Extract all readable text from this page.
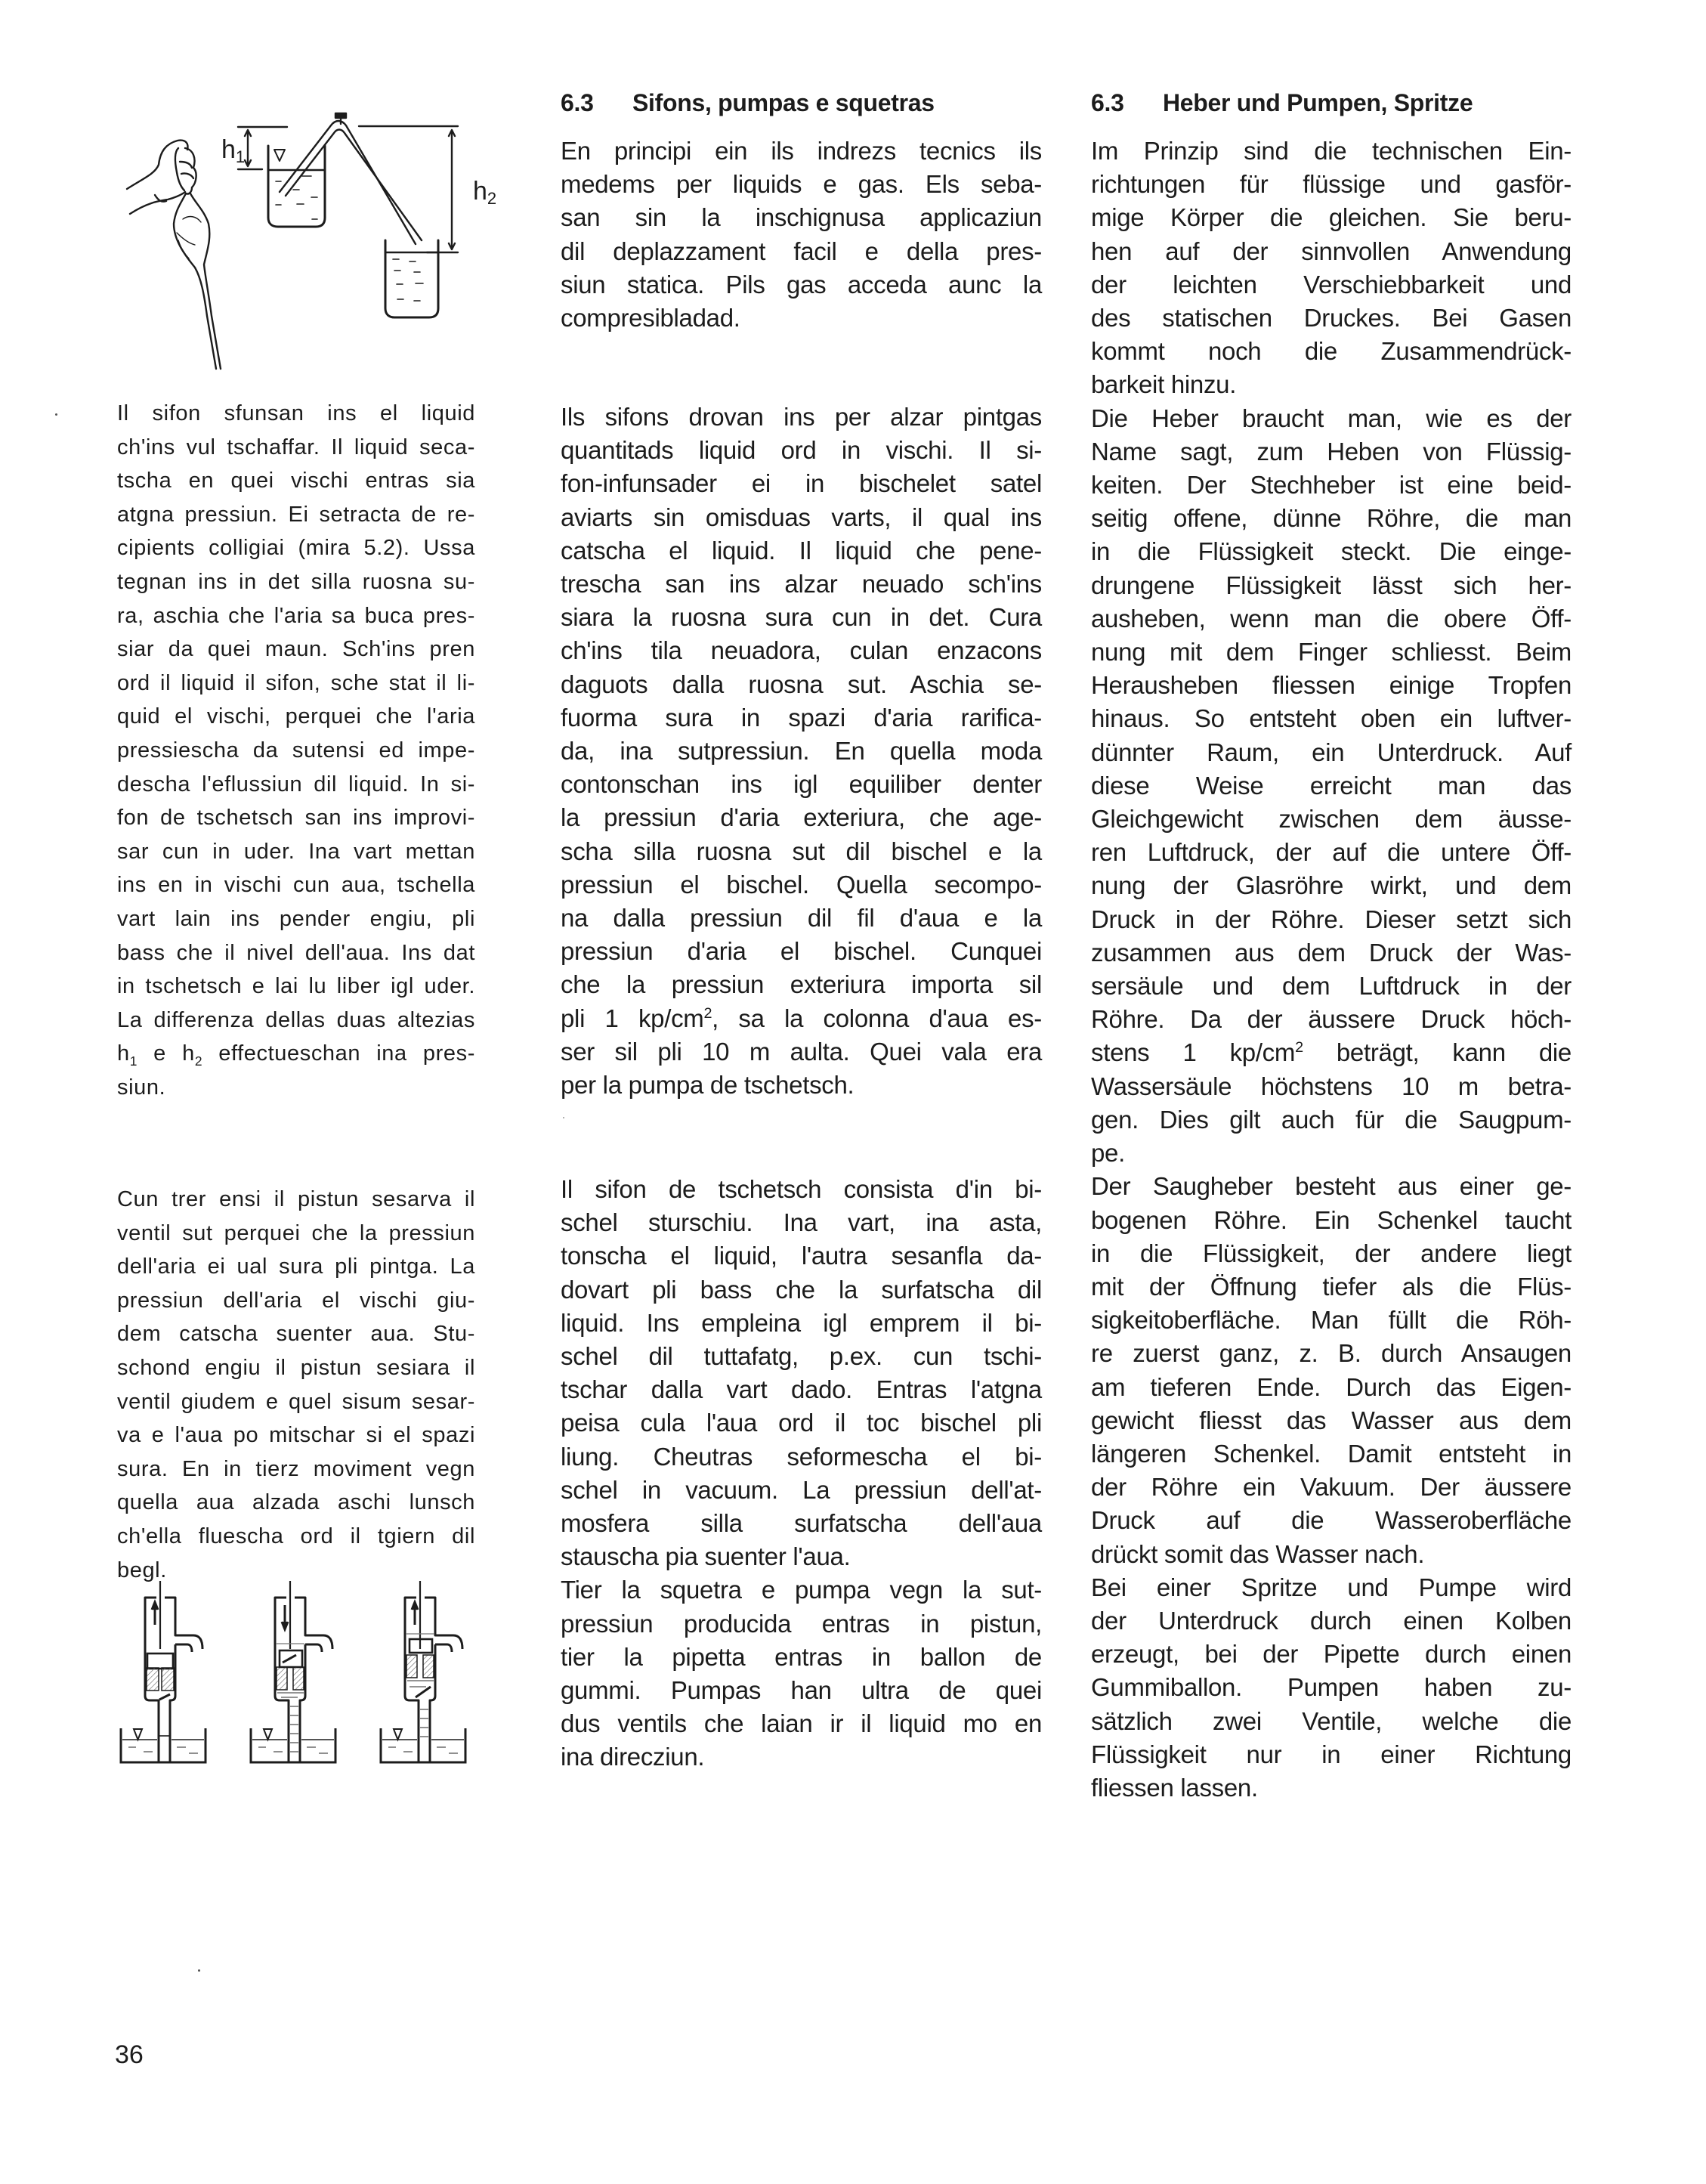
h1
h2
Il sifon sfunsan ins el liquid
ch'ins vul tschaffar. Il liquid seca-
tscha en quei vischi entras sia
atgna pressiun. Ei setracta de re-
cipients colligiai (mira 5.2). Ussa
tegnan ins in det silla ruosna su-
ra, aschia che l'aria sa buca pres-
siar da quei maun. Sch'ins pren
ord il liquid il sifon, sche stat il li-
quid el vischi, perquei che l'aria
pressiescha da sutensi ed impe-
descha l'eflussiun dil liquid. In si-
fon de tschetsch san ins improvi-
sar cun in uder. Ina vart mettan
ins en in vischi cun aua, tschella
vart lain ins pender engiu, pli
bass che il nivel dell'aua. Ins dat
in tschetsch e lai lu liber igl uder.
La differenza dellas duas altezias
$h_1$ e $h_2$ effectueschan ina pres-
siun.
Cun trer ensi il pistun sesarva il
ventil sut perquei che la pressiun
dell'aria ei ual sura pli pintga. La
pressiun dell'aria el vischi giu-
dem catscha suenter aua. Stu-
schond engiu il pistun sesiara il
ventil giudem e quel sisum sesar-
va e l'aua po mitschar si el spazi
sura. En in tierz moviment vegn
quella aua alzada aschi lunsch
ch'ella fluescha ord il tgiern dil
begl.
6.3 Sifons, pumpas e squetras
En principi ein ils indrezs tecnics ils
medems per liquids e gas. Els seba-
san sin la inschignusa applicaziun
dil deplazzament facil e della pres-
siun statica. Pils gas acceda aunc la
compresibladad.
Ils sifons drovan ins per alzar pintgas
quantitads liquid ord in vischi. Il si-
fon-infunsader ei in bischelet satel
aviarts sin omisduas varts, il qual ins
catscha el liquid. Il liquid che pene-
trescha san ins alzar neuado sch'ins
siara la ruosna sura cun in det. Cura
ch'ins tila neuadora, culan enzacons
daguots dalla ruosna sut. Aschia se-
fuorma sura in spazi d'aria rarifica-
da, ina sutpressiun. En quella moda
contonschan ins igl equiliber denter
la pressiun d'aria exteriura, che age-
scha silla ruosna sut dil bischel e la
pressiun el bischel. Quella secompo-
na dalla pressiun dil fil d'aua e la
pressiun d'aria el bischel. Cunquei
che la pressiun exteriura importa sil
pli 1 $kp/cm^2$, sa la colonna d'aua es-
ser sil pli 10 m aulta. Quei vala era
per la pumpa de tschetsch.
Il sifon de tschetsch consista d'in bi-
schel sturschiu. Ina vart, ina asta,
tonscha el liquid, l'autra sesanfla da-
dovart pli bass che la surfatscha dil
liquid. Ins empleina igl emprem il bi-
schel dil tuttafatg, p.ex. cun tschi-
tschar dalla vart dado. Entras l'atgna
peisa cula l'aua ord il toc bischel pli
liung. Cheutras seformescha el bi-
schel in vacuum. La pressiun dell'at-
mosfera silla surfatscha dell'aua
stauscha pia suenter l'aua.
Tier la squetra e pumpa vegn la sut-
pressiun producida entras in pistun,
tier la pipetta entras in ballon de
gummi. Pumpas han ultra de quei
dus ventils che laian ir il liquid mo en
ina direcziun.
6.3 Heber und Pumpen, Spritze
Im Prinzip sind die technischen Ein-
richtungen für flüssige und gasför-
mige Körper die gleichen. Sie beru-
hen auf der sinnvollen Anwendung
der leichten Verschiebbarkeit und
des statischen Druckes. Bei Gasen
kommt noch die Zusammendrück-
barkeit hinzu.
Die Heber braucht man, wie es der
Name sagt, zum Heben von Flüssig-
keiten. Der Stechheber ist eine beid-
seitig offene, dünne Röhre, die man
in die Flüssigkeit steckt. Die einge-
drungene Flüssigkeit lässt sich her-
ausheben, wenn man die obere Öff-
nung mit dem Finger schliesst. Beim
Herausheben fliessen einige Tropfen
hinaus. So entsteht oben ein luftver-
dünnter Raum, ein Unterdruck. Auf
diese Weise erreicht man das
Gleichgewicht zwischen dem äusse-
ren Luftdruck, der auf die untere Öff-
nung der Glasröhre wirkt, und dem
Druck in der Röhre. Dieser setzt sich
zusammen aus dem Druck der Was-
sersäule und dem Luftdruck in der
Röhre. Da der äussere Druck höch-
stens 1 $kp/cm^2$ beträgt, kann die
Wassersäule höchstens 10 m betra-
gen. Dies gilt auch für die Saugpum-
pe.
Der Saugheber besteht aus einer ge-
bogenen Röhre. Ein Schenkel taucht
in die Flüssigkeit, der andere liegt
mit der Öffnung tiefer als die Flüs-
sigkeitoberfläche. Man füllt die Röh-
re zuerst ganz, z. B. durch Ansaugen
am tieferen Ende. Durch das Eigen-
gewicht fliesst das Wasser aus dem
längeren Schenkel. Damit entsteht in
der Röhre ein Vakuum. Der äussere
Druck auf die Wasseroberfläche
drückt somit das Wasser nach.
Bei einer Spritze und Pumpe wird
der Unterdruck durch einen Kolben
erzeugt, bei der Pipette durch einen
Gummiballon. Pumpen haben zu-
sätzlich zwei Ventile, welche die
Flüssigkeit nur in einer Richtung
fliessen lassen.
36
